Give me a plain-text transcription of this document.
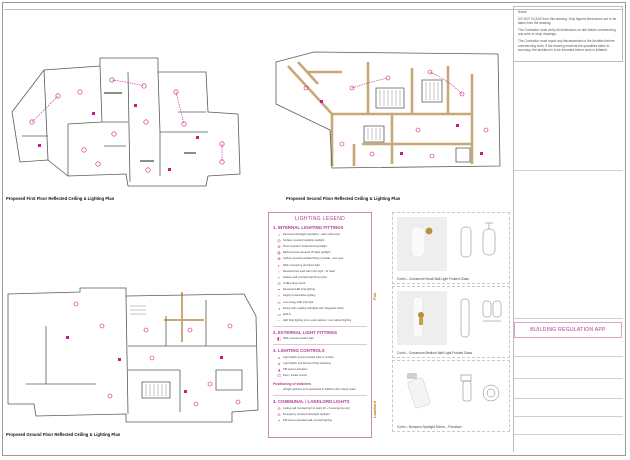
Proposed First Floor Reflected Ceiling & Lighting Plan	Proposed Second Floor Reflected Ceiling & Lighting Plan
Proposed Ground Floor Reflected Ceiling & Lighting Plan
LIGHTING LEGEND
1. INTERNAL LIGHTING FITTINGS
○	Recessed downlight (spotlight) – warm white spot
◎ Surface mounted (ceilable) spotlight
⊕ Pivot mounted / bi-directional spotlight
◍ Bathroom/wet recessed IP rated spotlight
⊗ Ceiling mounted pendant fitting or similar – see spec
◐	Wall mounted up and down light
▫	Recessed low level wall / floor light – IP rated
▪	Feature wall mounted light fit-out point
⊙ LV/ELV lamp circuit
┅	Recessed LED strip lighting
⌁	Supply to decorative lighting
═ Low energy LED strip light
◑	Dining wall / reading wall lights with integrated switch
▭ EG/LG
┄	LED Strip lighting to be under cabinet / over cabinet lighting
2. EXTERNAL LIGHT FITTINGS
◧ Wall mounted outdoor light
3. LIGHTING CONTROLS
ś	Light Switch (recommended clear or similar)
ď	Light Switch and Dimmer (Plate switches)
◮ PIR sensor activation
⊡ Door / socket control
Positioning of switches
·	All light switches to be positioned at 1200mm AFL unless noted
4. COMMUNAL / LANDLORD LIGHTS
⊖ Ceiling wall mounted light to stairs (D + S emergency test)
⊘ Emergency recessed downlight spotlight
◓	PIR sensor activated wall mounted lighting
Flat
Landlord
Cortin – Crossmont Small Wall Light Frosted Glass
Cortin – Crossmont Medium Wall Light Frosted Glass
Cortin – Bumpino Spotlight 50mm – Porcelain

Notes:

DO NOT SCALE from this drawing. Only figured dimensions are to be taken from the drawing.

The Contractor must verify all dimensions on site before commencing any work or shop drawings.

The Contractor must report any discrepancies to the Architect before commencing work. If the drawing exceeds the quantities taken to accuracy, the architect is to be informed before work is initiated.

BUILDING REGULATION APP
